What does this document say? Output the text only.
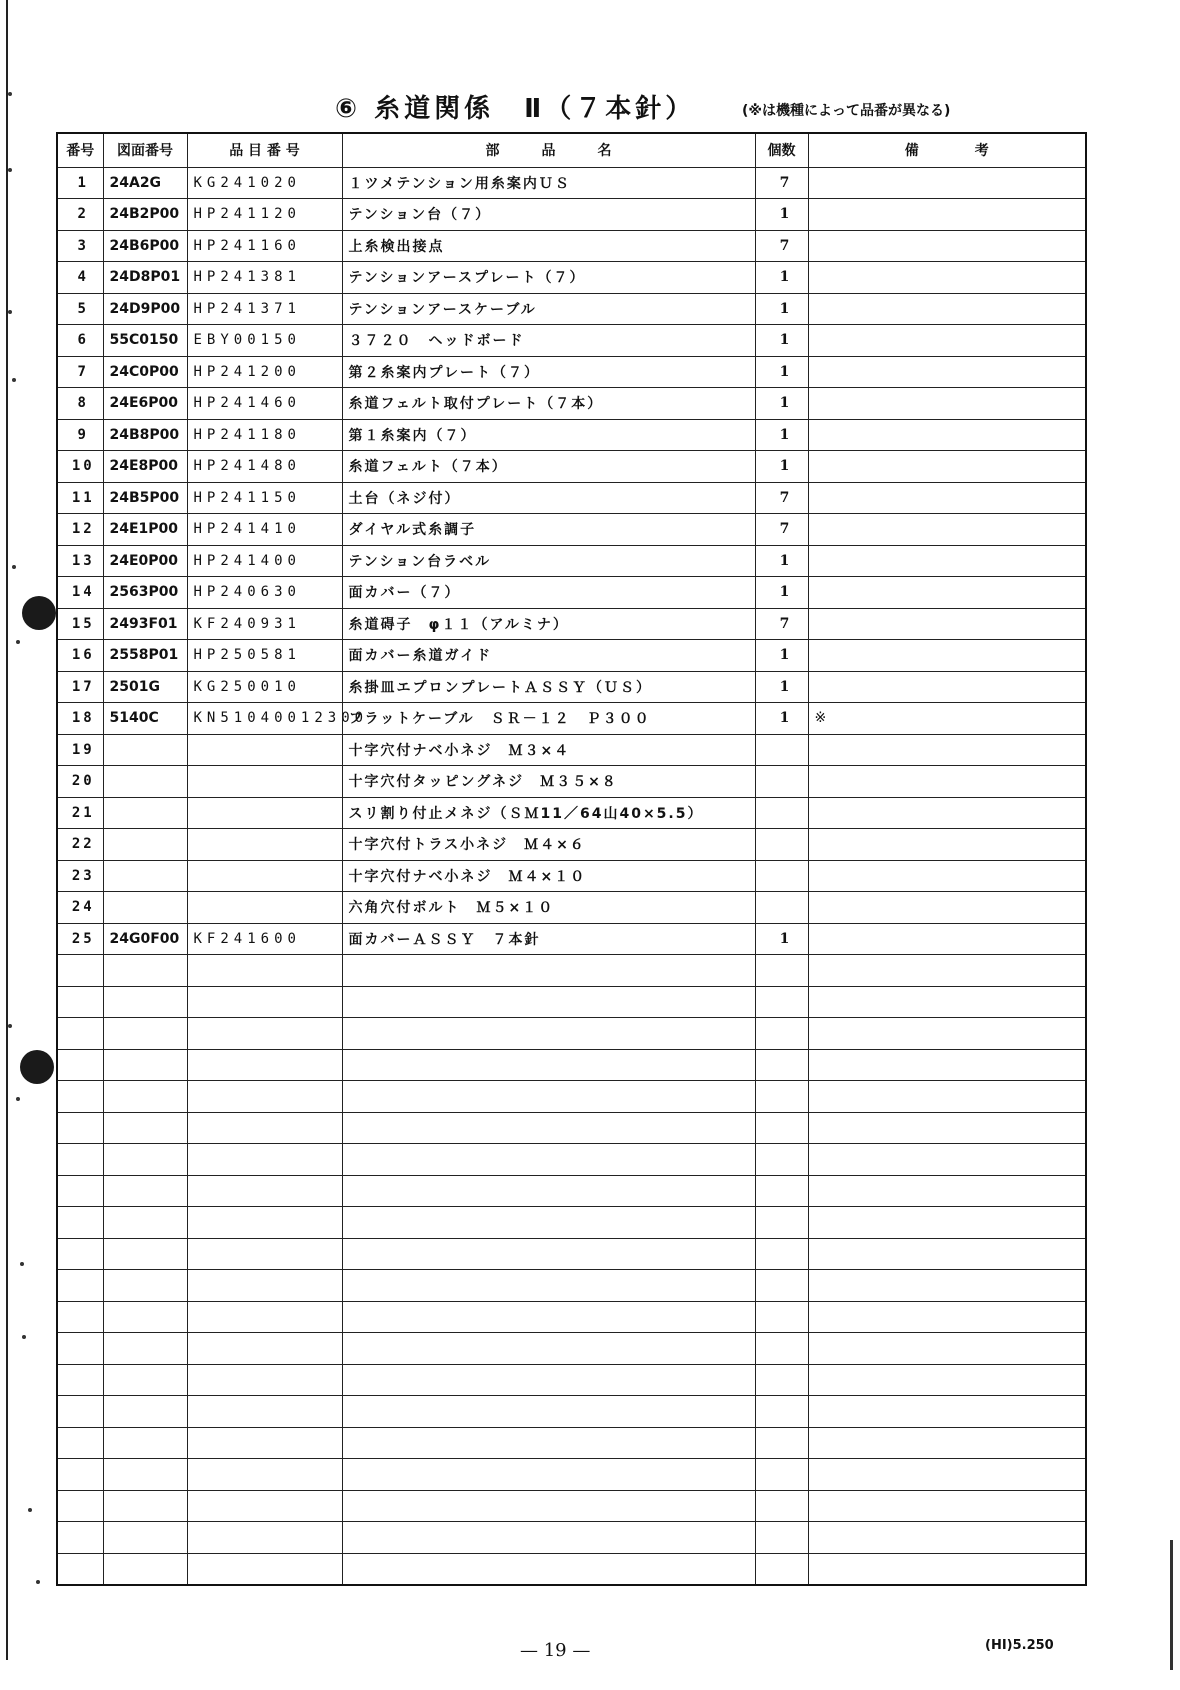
⑥ 糸道関係　Ⅱ（７本針）	(※は機種によって品番が異なる)
番号	図面番号	品 目 番 号	部　　　品　　　名	個数	備　　　　考
1	24A2G	KG241020	１ツメテンション用糸案内ＵＳ	7	
2	24B2P00	HP241120	テンション台（７）	1	
3	24B6P00	HP241160	上糸検出接点	7	
4	24D8P01	HP241381	テンションアースプレート（７）	1	
5	24D9P00	HP241371	テンションアースケーブル	1	
6	55C0150	EBY00150	３７２０　ヘッドボード	1	
7	24C0P00	HP241200	第２糸案内プレート（７）	1	
8	24E6P00	HP241460	糸道フェルト取付プレート（７本）	1	
9	24B8P00	HP241180	第１糸案内（７）	1	
10	24E8P00	HP241480	糸道フェルト（７本）	1	
11	24B5P00	HP241150	土台（ネジ付）	7	
12	24E1P00	HP241410	ダイヤル式糸調子	7	
13	24E0P00	HP241400	テンション台ラベル	1	
14	2563P00	HP240630	面カバー（７）	1	
15	2493F01	KF240931	糸道碍子　φ１１（アルミナ）	7	
16	2558P01	HP250581	面カバー糸道ガイド	1	
17	2501G	KG250010	糸掛皿エプロンプレートＡＳＳＹ（ＵＳ）	1	
18	5140C	KN51040012300	フラットケーブル　ＳＲ－１２　Ｐ３００	1	※
19			十字穴付ナベ小ネジ　Ｍ３×４		
20			十字穴付タッピングネジ　Ｍ３５×８		
21			スリ割り付止メネジ（ＳＭ11／64山40×5.5）		
22			十字穴付トラス小ネジ　Ｍ４×６		
23			十字穴付ナベ小ネジ　Ｍ４×１０		
24			六角穴付ボルト　Ｍ５×１０		
25	24G0F00	KF241600	面カバーＡＳＳＹ　７本針	1	

— 19 —	(HI)5.250
